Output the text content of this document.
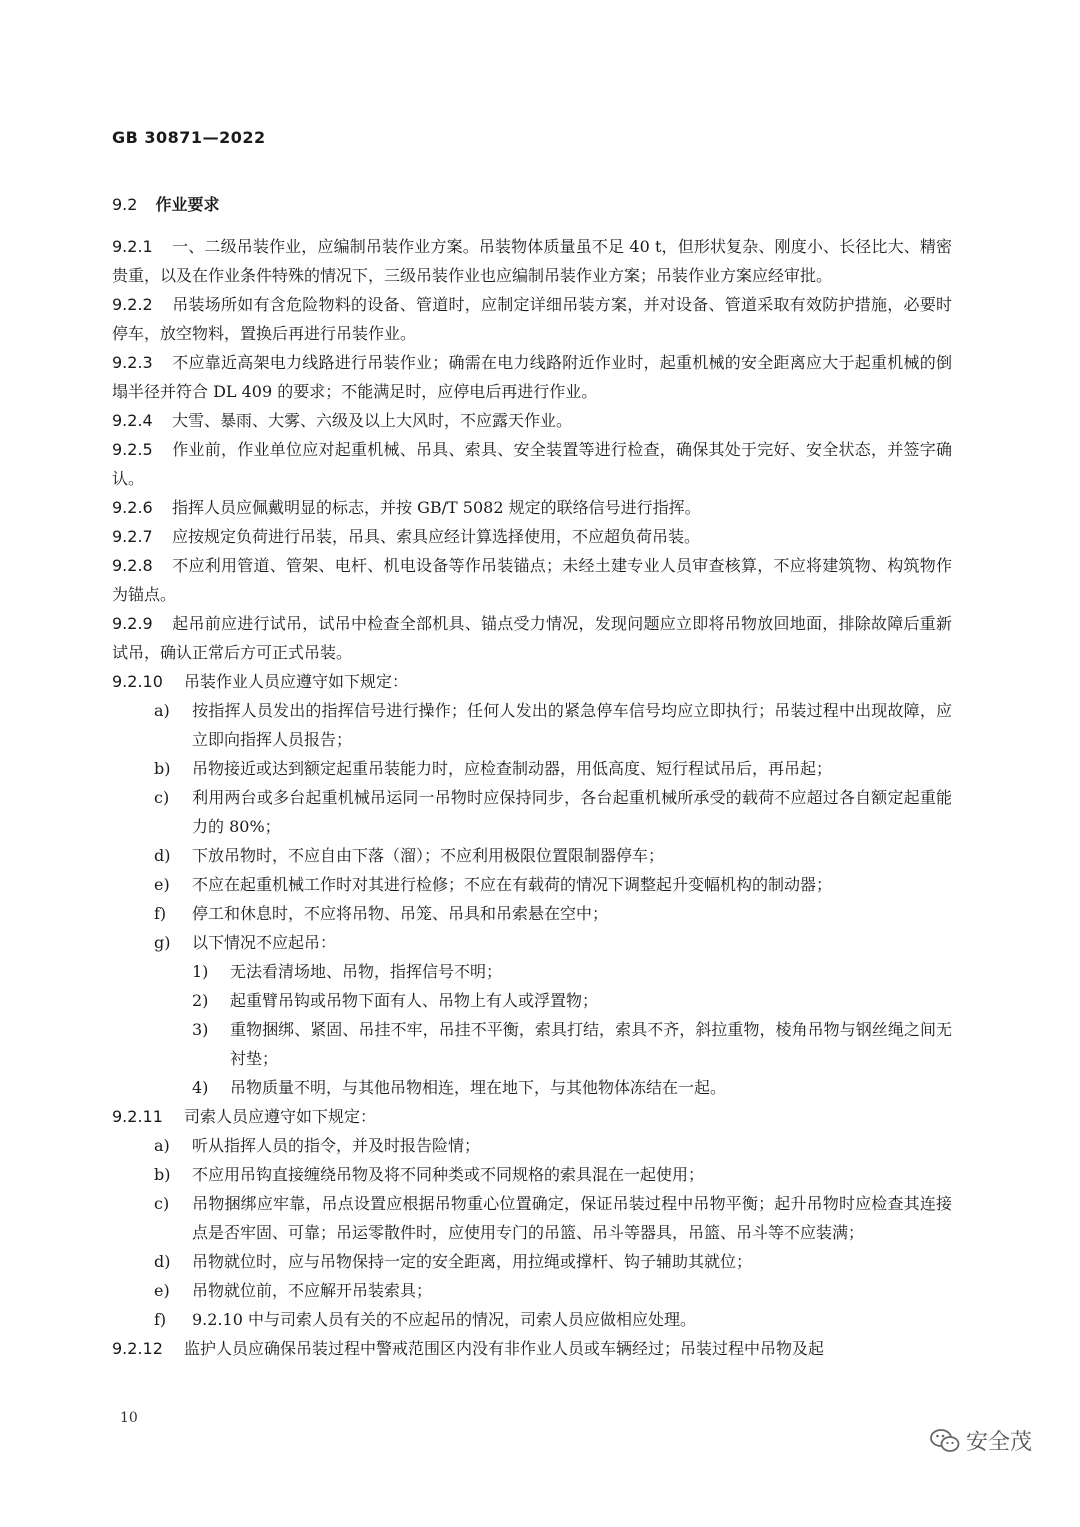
GB 30871—2022
9.2 作业要求

9.2.1 一、二级吊装作业，应编制吊装作业方案。吊装物体质量虽不足 40 t，但形状复杂、刚度小、长径比大、精密贵重，以及在作业条件特殊的情况下，三级吊装作业也应编制吊装作业方案；吊装作业方案应经审批。

9.2.2 吊装场所如有含危险物料的设备、管道时，应制定详细吊装方案，并对设备、管道采取有效防护措施，必要时停车，放空物料，置换后再进行吊装作业。

9.2.3 不应靠近高架电力线路进行吊装作业；确需在电力线路附近作业时，起重机械的安全距离应大于起重机械的倒塌半径并符合 DL 409 的要求；不能满足时，应停电后再进行作业。

9.2.4 大雪、暴雨、大雾、六级及以上大风时，不应露天作业。

9.2.5 作业前，作业单位应对起重机械、吊具、索具、安全装置等进行检查，确保其处于完好、安全状态，并签字确认。

9.2.6 指挥人员应佩戴明显的标志，并按 GB/T 5082 规定的联络信号进行指挥。

9.2.7 应按规定负荷进行吊装，吊具、索具应经计算选择使用，不应超负荷吊装。

9.2.8 不应利用管道、管架、电杆、机电设备等作吊装锚点；未经土建专业人员审查核算，不应将建筑物、构筑物作为锚点。

9.2.9 起吊前应进行试吊，试吊中检查全部机具、锚点受力情况，发现问题应立即将吊物放回地面，排除故障后重新试吊，确认正常后方可正式吊装。

9.2.10 吊装作业人员应遵守如下规定：

a) 按指挥人员发出的指挥信号进行操作；任何人发出的紧急停车信号均应立即执行；吊装过程中出现故障，应立即向指挥人员报告；

b) 吊物接近或达到额定起重吊装能力时，应检查制动器，用低高度、短行程试吊后，再吊起；

c) 利用两台或多台起重机械吊运同一吊物时应保持同步，各台起重机械所承受的载荷不应超过各自额定起重能力的 80%；

d) 下放吊物时，不应自由下落（溜）；不应利用极限位置限制器停车；

e) 不应在起重机械工作时对其进行检修；不应在有载荷的情况下调整起升变幅机构的制动器；

f) 停工和休息时，不应将吊物、吊笼、吊具和吊索悬在空中；

g) 以下情况不应起吊：

1) 无法看清场地、吊物，指挥信号不明；

2) 起重臂吊钩或吊物下面有人、吊物上有人或浮置物；

3) 重物捆绑、紧固、吊挂不牢，吊挂不平衡，索具打结，索具不齐，斜拉重物，棱角吊物与钢丝绳之间无衬垫；

4) 吊物质量不明，与其他吊物相连，埋在地下，与其他物体冻结在一起。

9.2.11 司索人员应遵守如下规定：

a) 听从指挥人员的指令，并及时报告险情；

b) 不应用吊钩直接缠绕吊物及将不同种类或不同规格的索具混在一起使用；

c) 吊物捆绑应牢靠，吊点设置应根据吊物重心位置确定，保证吊装过程中吊物平衡；起升吊物时应检查其连接点是否牢固、可靠；吊运零散件时，应使用专门的吊篮、吊斗等器具，吊篮、吊斗等不应装满；

d) 吊物就位时，应与吊物保持一定的安全距离，用拉绳或撑杆、钩子辅助其就位；

e) 吊物就位前，不应解开吊装索具；

f) 9.2.10 中与司索人员有关的不应起吊的情况，司索人员应做相应处理。

9.2.12 监护人员应确保吊装过程中警戒范围区内没有非作业人员或车辆经过；吊装过程中吊物及起

10
安全茂
